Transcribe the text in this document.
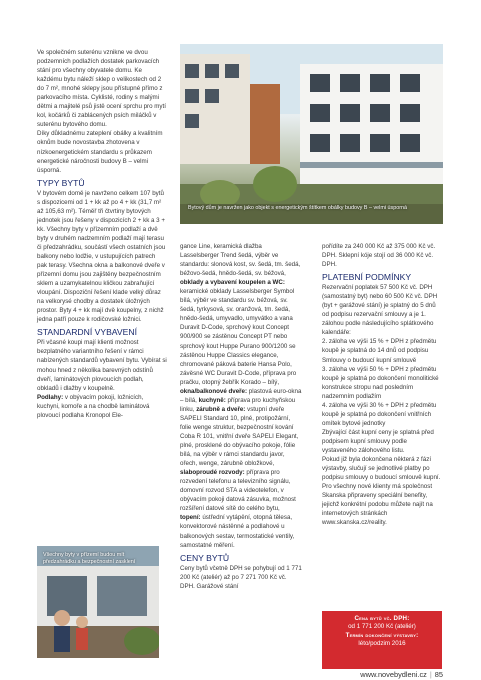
Ve společném suterénu vznikne ve dvou podzemních podlažích dostatek parkovacích stání pro všechny obyvatele domu. Ke každému bytu náleží sklep o velikostech od 2 do 7 m², mnohé sklepy jsou přístupné přímo z parkovacího místa. Cyklisté, rodiny s malými dětmi a majitelé psů jistě ocení sprchu pro mytí kol, kočárků či zablácených psích miláčků v suterénu bytového domu.

Díky důkladnému zateplení obálky a kvalitním oknům bude novostavba zhotovena v nízkoenergetickém standardu s průkazem energetické náročnosti budovy B – velmi úsporná.

TYPY BYTŮ

V bytovém domě je navrženo celkem 107 bytů s dispozicemi od 1 + kk až po 4 + kk (31,7 m² až 105,63 m²). Téměř tři čtvrtiny bytových jednotek jsou řešeny v dispozicích 2 + kk a 3 + kk. Všechny byty v přízemním podlaží a dvě byty v druhém nadzemním podlaží mají terasu či předzahrádku, součástí všech ostatních jsou balkony nebo lodžie, v ustupujících patrech pak terasy. Všechna okna a balkonové dveře v přízemní domu jsou zajištěny bezpečnostním sklem a uzamykatelnou kličkou zabraňující vloupání. Dispoziční řešení klade velký důraz na velkorysé chodby a dostatek úložných prostor. Byty 4 + kk mají dvě koupelny, z nichž jedna patří pouze k rodičovské ložnici.

STANDARDNÍ VYBAVENÍ

Při včasné koupi mají klienti možnost bezplatného variantního řešení v rámci nabízených standardů vybavení bytu. Vybírat si mohou hned z několika barevných odstínů dveří, laminátových plovoucích podlah, obkladů i dlažby v koupelně.

Podlahy: v obývacím pokoji, ložnicích, kuchyni, komoře a na chodbě laminátová plovoucí podlaha Kronopol Ele-

Bytový dům je navržen jako objekt s energetickým štítkem obálky budovy B – velmi úsporná
Všechny byty v přízemí budou mít předzahrádku a bezpečnostní zasklení

gance Line, keramická dlažba Lasselsberger Trend šedá, výběr ve standardu: slonová kost, sv. šedá, tm. šedá, béžovo-šedá, hnědo-šedá, sv. béžová, obklady a vybavení koupelen a WC: keramické obklady Lasselsberger Symbol bílá, výběr ve standardu sv. béžová, sv. šedá, tyrkysová, sv. oranžová, tm. šedá, hnědo-šedá, umyvadlo, umyvátko a vana Duravit D-Code, sprchový kout Concept 900/900 se zástěnou Concept PT nebo sprchový kout Huppe Purano 900/1200 se zástěnou Huppe Classics elegance, chromované páková baterie Hansa Polo, závěsné WC Duravit D-Code, příprava pro pračku, otopný žebřík Korado – bílý, okna/balkonové dveře: plastová euro-okna – bílá, kuchyně: příprava pro kuchyňskou linku, zárubně a dveře: vstupní dveře SAPELI Standard 10, plné, protipožární, folie wenge struktur, bezpečnostní kování Coba R 101, vnitřní dveře SAPELI Elegant, plné, prosklené do obývacího pokoje, fólie bílá, na výběr v rámci standardu javor, ořech, wenge, zárubně obložkové, slaboproudé rozvody: příprava pro rozvedení telefonu a televizního signálu, domovní rozvod STA a videotelefon, v obývacím pokoji datová zásuvka, možnost rozšíření datové sítě do celého bytu, topení: ústřední vytápění, otopná tělesa, konvektorové nástěnné a podlahové u balkonových sestav, termostatické ventily, samostatné měření.

CENY BYTŮ

Ceny bytů včetně DPH se pohybují od 1 771 200 Kč (ateliér) až po 7 271 700 Kč vč. DPH. Garážové stání

pořídíte za 240 000 Kč až 375 000 Kč vč. DPH. Sklepní kóje stojí od 36 000 Kč vč. DPH.

PLATEBNÍ PODMÍNKY

Rezervační poplatek 57 500 Kč vč. DPH (samostatný byt) nebo 60 500 Kč vč. DPH (byt + garážové stání) je splatný do 5 dnů od podpisu rezervační smlouvy a je 1. zálohou podle následujícího splátkového kalendáře:

2. záloha ve výši 15 % + DPH z předmětu koupě je splatná do 14 dnů od podpisu Smlouvy o budoucí kupní smlouvě

3. záloha ve výši 50 % + DPH z předmětu koupě je splatná po dokončení monolitické konstrukce stropu nad posledním nadzemním podlažím

4. záloha ve výši 30 % + DPH z předmětu koupě je splatná po dokončení vnitřních omítek bytové jednotky

Zbývající část kupní ceny je splatná před podpisem kupní smlouvy podle vystaveného zálohového listu.

Pokud již byla dokončena některá z fází výstavby, slučují se jednotlivé platby po podpisu smlouvy o budoucí smlouvě kupní. Pro všechny nové klienty má společnost Skanska připraveny speciální benefity, jejichž konkrétní podobu můžete najít na internetových stránkách www.skanska.cz/reality.

Cena bytů vč. DPH:
od 1 771 200 Kč (ateliér)
Termín dokončení výstavby:
léto/podzim 2016
www.novebydleni.cz | 85
